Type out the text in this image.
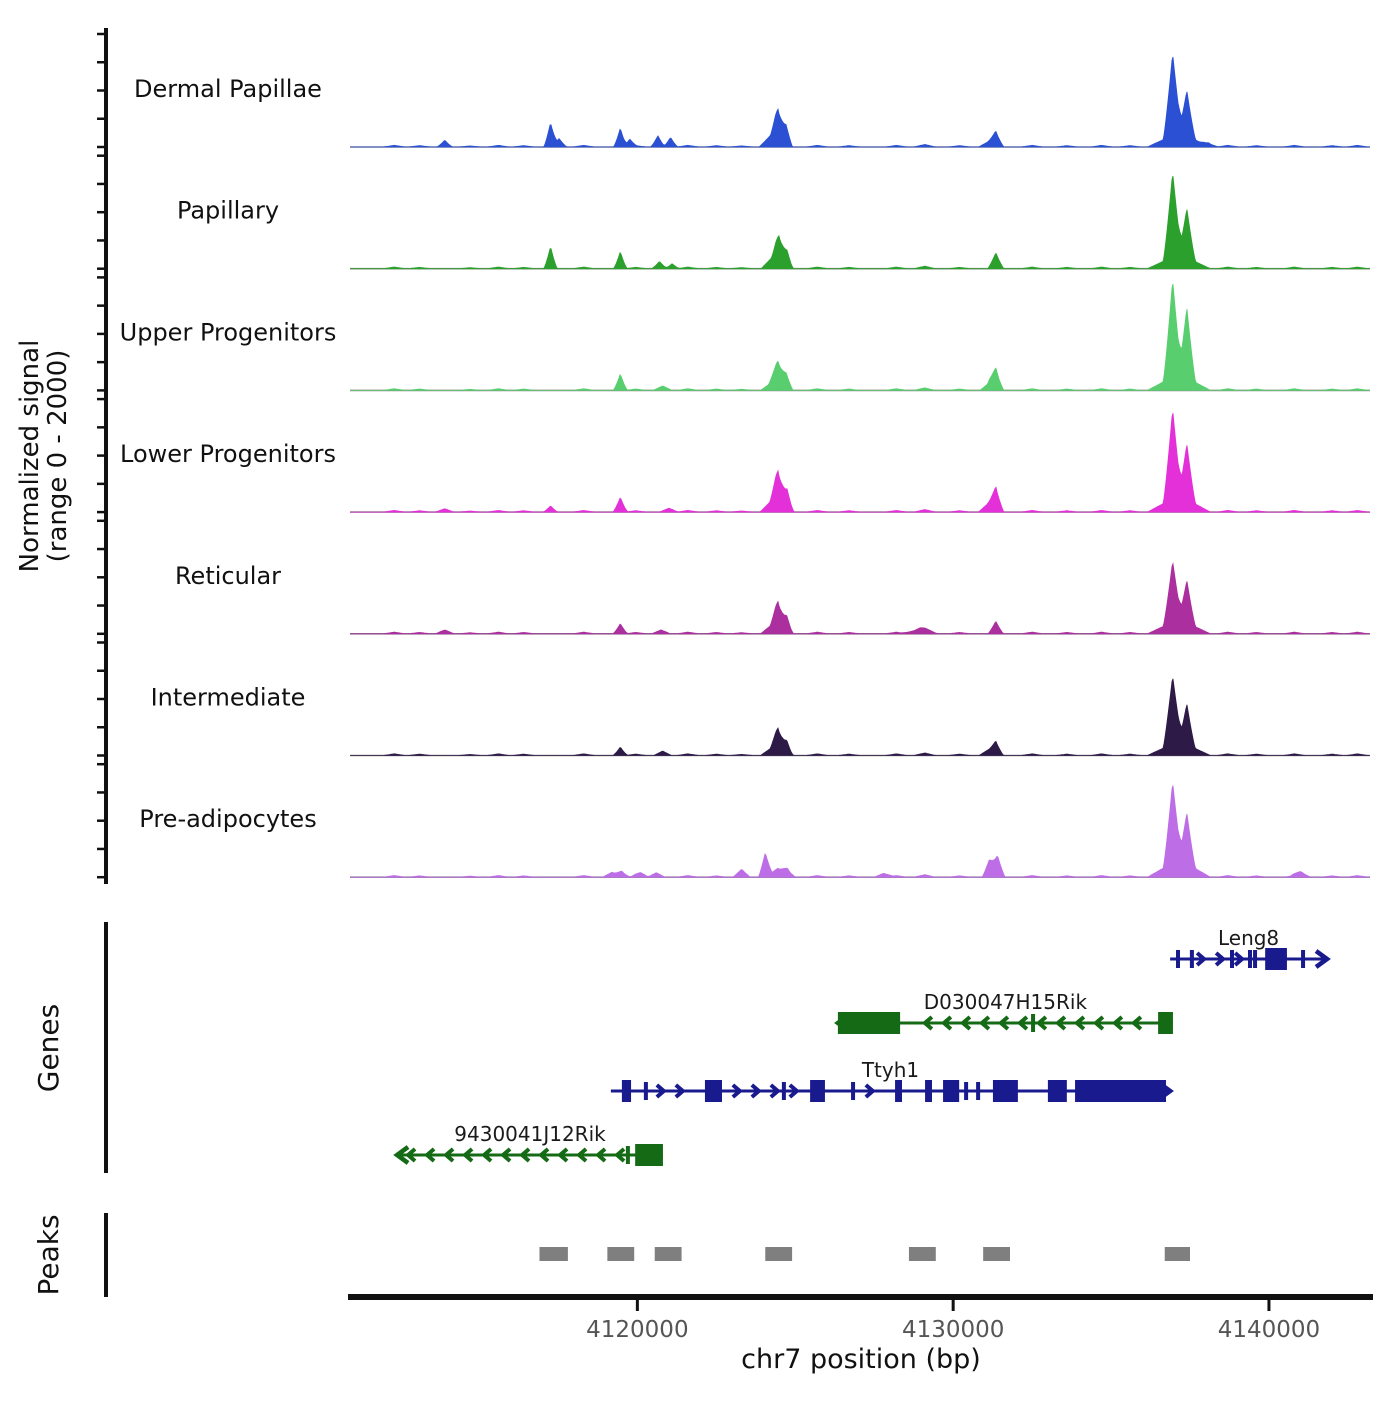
Dermal Papillae
Papillary
Upper Progenitors
Lower Progenitors
Reticular
Intermediate
Pre-adipocytes
Leng8
D030047H15Rik
Ttyh1
9430041J12Rik
4120000	4130000	4140000
Normalized signal
(range 0 - 2000)
Genes
Peaks
chr7 position (bp)
